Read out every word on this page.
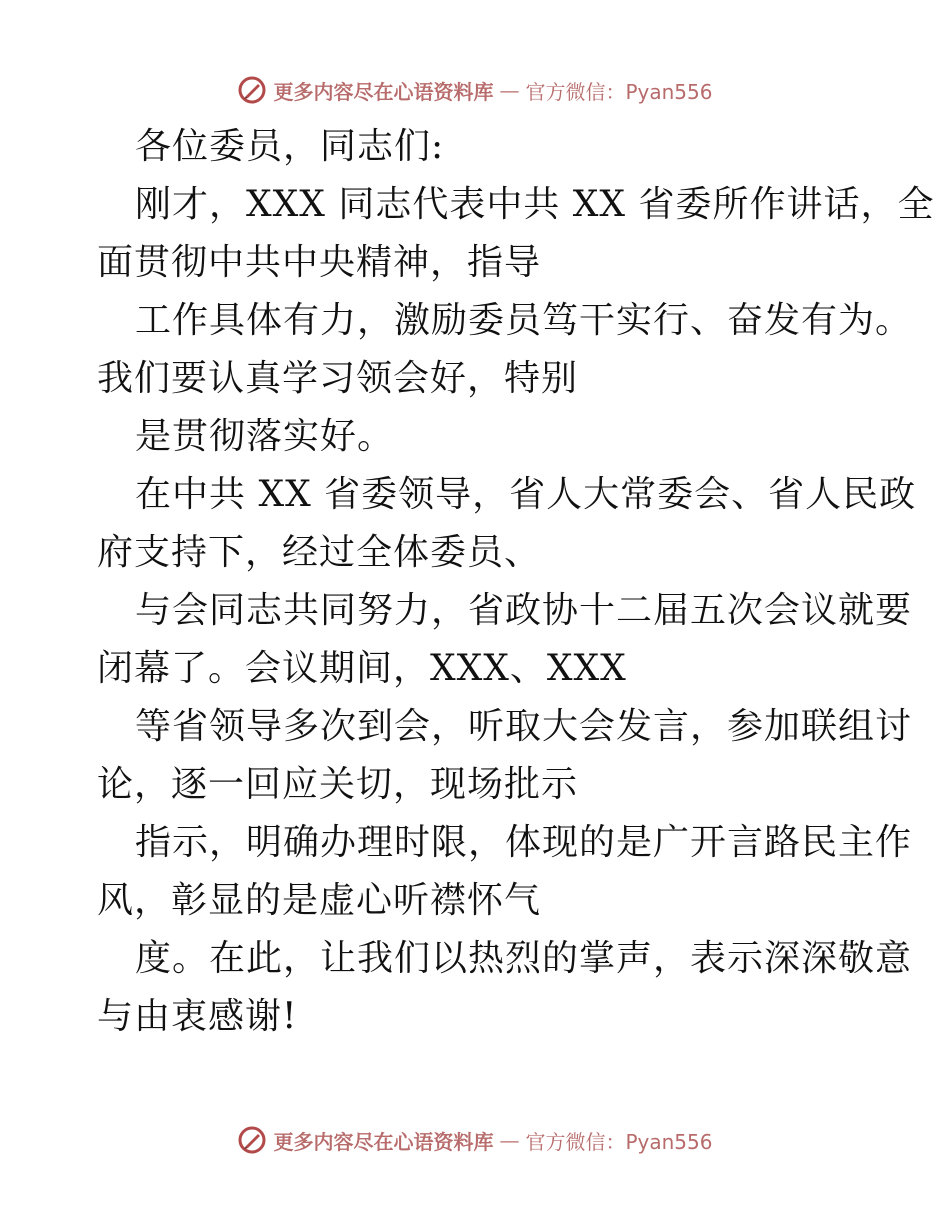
更多内容尽在心语资料库 — 官方微信：Pyan556
各位委员，同志们:
刚才，XXX 同志代表中共 XX 省委所作讲话，全
面贯彻中共中央精神，指导
工作具体有力，激励委员笃干实行、奋发有为。
我们要认真学习领会好，特别
是贯彻落实好。
在中共 XX 省委领导，省人大常委会、省人民政
府支持下，经过全体委员、
与会同志共同努力，省政协十二届五次会议就要
闭幕了。会议期间，XXX、XXX
等省领导多次到会，听取大会发言，参加联组讨
论，逐一回应关切，现场批示
指示，明确办理时限，体现的是广开言路民主作
风，彰显的是虚心听襟怀气
度。在此，让我们以热烈的掌声，表示深深敬意
与由衷感谢!
更多内容尽在心语资料库 — 官方微信：Pyan556
